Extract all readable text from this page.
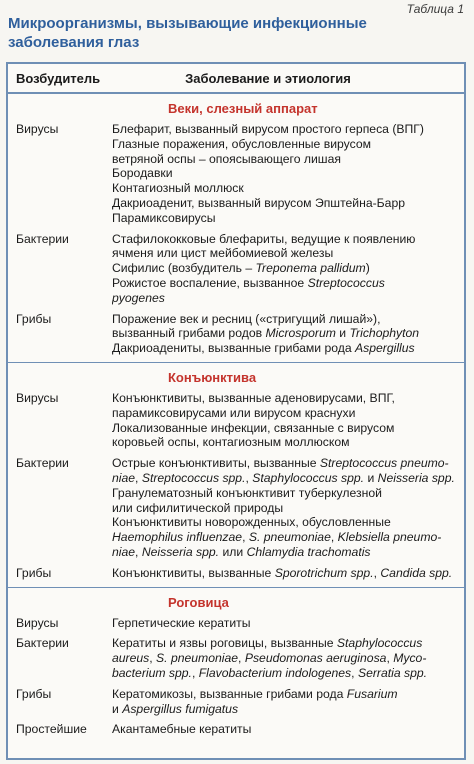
Таблица 1
Микроорганизмы, вызывающие инфекционные заболевания глаз
Возбудитель	Заболевание и этиология
Веки, слезный аппарат
Вирусы	Блефарит, вызванный вирусом простого герпеса (ВПГ)
Глазные поражения, обусловленные вирусом
ветряной оспы – опоясывающего лишая
Бородавки
Контагиозный моллюск
Дакриоаденит, вызванный вирусом Эпштейна-Барр
Парамиксовирусы
Бактерии	Стафилококковые блефариты, ведущие к появлению
ячменя или цист мейбомиевой железы
Сифилис (возбудитель – Treponema pallidum)
Рожистое воспаление, вызванное Streptococcus
pyogenes
Грибы	Поражение век и ресниц («стригущий лишай»),
вызванный грибами родов Microsporum и Trichophyton
Дакриоадениты, вызванные грибами рода Aspergillus
Конъюнктива
Вирусы	Конъюнктивиты, вызванные аденовирусами, ВПГ,
парамиксовирусами или вирусом краснухи
Локализованные инфекции, связанные с вирусом
коровьей оспы, контагиозным моллюском
Бактерии	Острые конъюнктивиты, вызванные Streptococcus pneumo-
niae, Streptococcus spp., Staphylococcus spp. и Neisseria spp.
Гранулематозный конъюнктивит туберкулезной
или сифилитической природы
Конъюнктивиты новорожденных, обусловленные
Haemophilus influenzae, S. pneumoniae, Klebsiella pneumo-
niae, Neisseria spp. или Chlamydia trachomatis
Грибы	Конъюнктивиты, вызванные Sporotrichum spp., Candida spp.
Роговица
Вирусы	Герпетические кератиты
Бактерии	Кератиты и язвы роговицы, вызванные Staphylococcus
aureus, S. pneumoniae, Pseudomonas aeruginosa, Myco-
bacterium spp., Flavobacterium indologenes, Serratia spp.
Грибы	Кератомикозы, вызванные грибами рода Fusarium
и Aspergillus fumigatus
Простейшие	Акантамебные кератиты
